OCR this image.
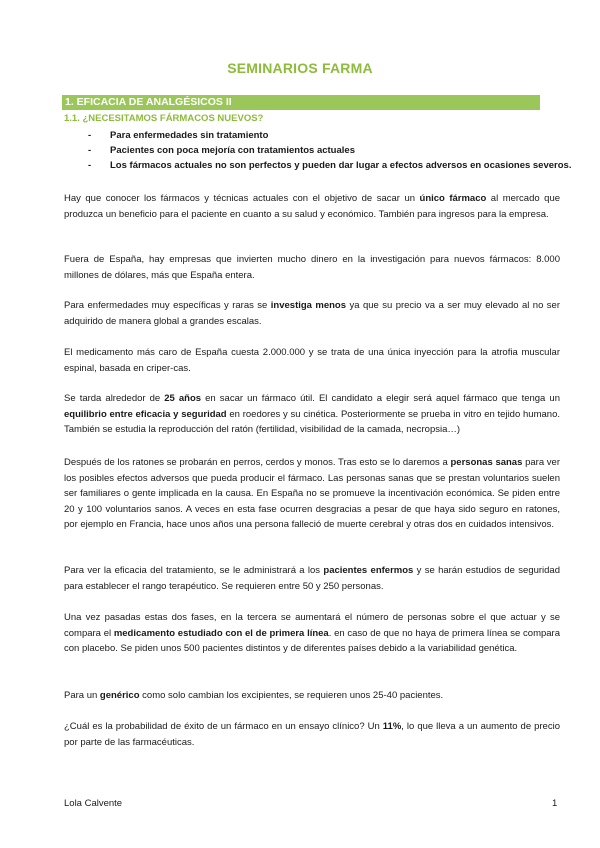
SEMINARIOS FARMA
1. EFICACIA DE ANALGÉSICOS II
1.1. ¿NECESITAMOS FÁRMACOS NUEVOS?
- Para enfermedades sin tratamiento
- Pacientes con poca mejoría con tratamientos actuales
- Los fármacos actuales no son perfectos y pueden dar lugar a efectos adversos en ocasiones severos.

Hay que conocer los fármacos y técnicas actuales con el objetivo de sacar un único fármaco al mercado que produzca un beneficio para el paciente en cuanto a su salud y económico. También para ingresos para la empresa.

Fuera de España, hay empresas que invierten mucho dinero en la investigación para nuevos fármacos: 8.000 millones de dólares, más que España entera.

Para enfermedades muy específicas y raras se investiga menos ya que su precio va a ser muy elevado al no ser adquirido de manera global a grandes escalas.

El medicamento más caro de España cuesta 2.000.000 y se trata de una única inyección para la atrofia muscular espinal, basada en criper-cas.

Se tarda alrededor de 25 años en sacar un fármaco útil. El candidato a elegir será aquel fármaco que tenga un equilibrio entre eficacia y seguridad en roedores y su cinética. Posteriormente se prueba in vitro en tejido humano. También se estudia la reproducción del ratón (fertilidad, visibilidad de la camada, necropsia…)

Después de los ratones se probarán en perros, cerdos y monos. Tras esto se lo daremos a personas sanas para ver los posibles efectos adversos que pueda producir el fármaco. Las personas sanas que se prestan voluntarios suelen ser familiares o gente implicada en la causa. En España no se promueve la incentivación económica. Se piden entre 20 y 100 voluntarios sanos. A veces en esta fase ocurren desgracias a pesar de que haya sido seguro en ratones, por ejemplo en Francia, hace unos años una persona falleció de muerte cerebral y otras dos en cuidados intensivos.

Para ver la eficacia del tratamiento, se le administrará a los pacientes enfermos y se harán estudios de seguridad para establecer el rango terapéutico. Se requieren entre 50 y 250 personas.

Una vez pasadas estas dos fases, en la tercera se aumentará el número de personas sobre el que actuar y se compara el medicamento estudiado con el de primera línea. en caso de que no haya de primera línea se compara con placebo. Se piden unos 500 pacientes distintos y de diferentes países debido a la variabilidad genética.

Para un genérico como solo cambian los excipientes, se requieren unos 25-40 pacientes.

¿Cuál es la probabilidad de éxito de un fármaco en un ensayo clínico? Un 11%, lo que lleva a un aumento de precio por parte de las farmacéuticas.

Lola Calvente	1
